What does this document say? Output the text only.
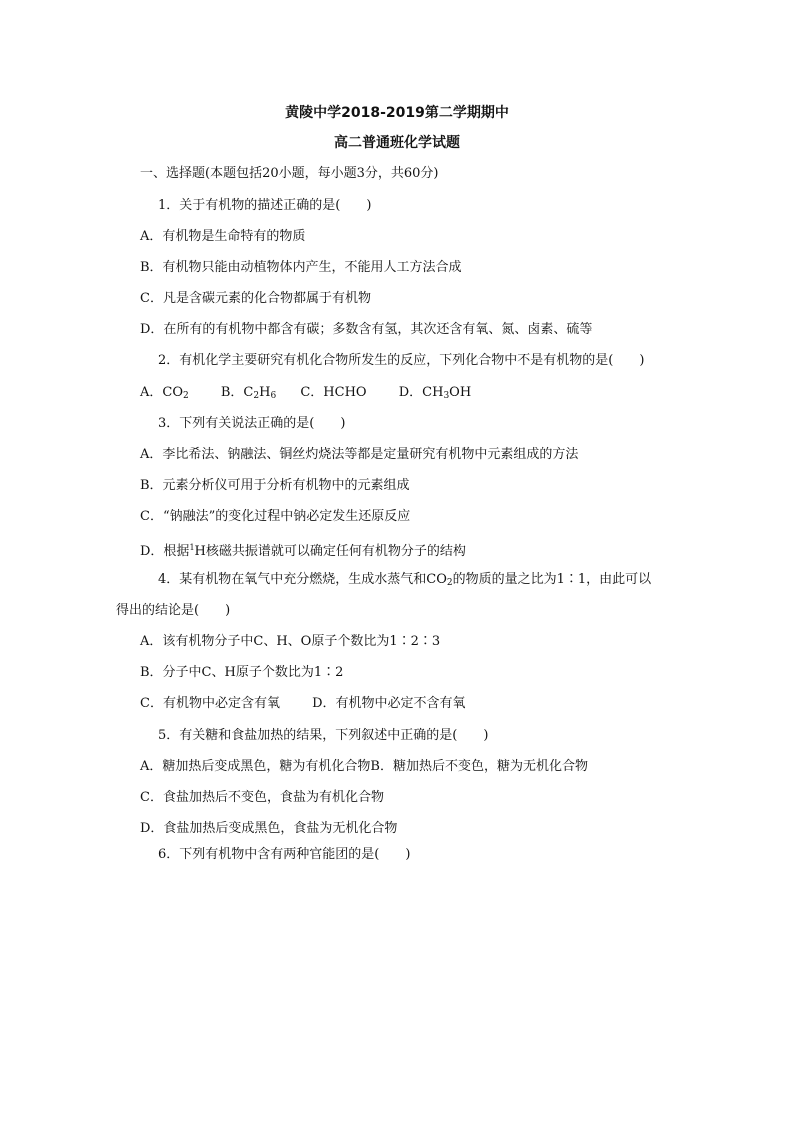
黄陵中学2018-2019第二学期期中
高二普通班化学试题
一、选择题(本题包括20小题，每小题3分，共60分)
1．关于有机物的描述正确的是(　　)
A．有机物是生命特有的物质
B．有机物只能由动植物体内产生，不能用人工方法合成
C．凡是含碳元素的化合物都属于有机物
D．在所有的有机物中都含有碳；多数含有氢，其次还含有氧、氮、卤素、硫等
2．有机化学主要研究有机化合物所发生的反应，下列化合物中不是有机物的是(　　)
A．$CO_2$ B．$C_2H_6$ C．HCHO D．$CH_3OH$
3．下列有关说法正确的是(　　)
A．李比希法、钠融法、铜丝灼烧法等都是定量研究有机物中元素组成的方法
B．元素分析仪可用于分析有机物中的元素组成
C．“钠融法”的变化过程中钠必定发生还原反应
D．根据$^1$H核磁共振谱就可以确定任何有机物分子的结构
4．某有机物在氧气中充分燃烧，生成水蒸气和$CO_2$的物质的量之比为1∶1，由此可以
得出的结论是(　　)
A．该有机物分子中C、H、O原子个数比为1∶2∶3
B．分子中C、H原子个数比为1∶2
C．有机物中必定含有氧 D．有机物中必定不含有氧
5．有关糖和食盐加热的结果，下列叙述中正确的是(　　)
A．糖加热后变成黑色，糖为有机化合物B．糖加热后不变色，糖为无机化合物
C．食盐加热后不变色，食盐为有机化合物
D．食盐加热后变成黑色，食盐为无机化合物
6．下列有机物中含有两种官能团的是(　　)
